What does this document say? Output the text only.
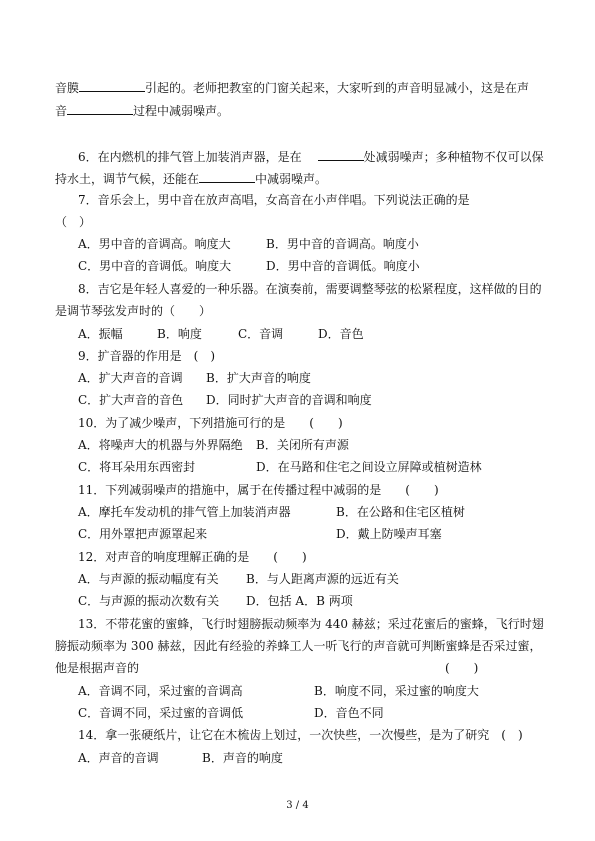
音膜	引起的。老师把教室的门窗关起来，大家听到的声音明显减小，这是在声
音	过程中减弱噪声。
6．在内燃机的排气管上加装消声器，是在	处减弱噪声；多种植物不仅可以保
持水土，调节气候，还能在	中减弱噪声。
7．音乐会上，男中音在放声高唱，女高音在小声伴唱。下列说法正确的是
（　）
A．男中音的音调高。响度大	B．男中音的音调高。响度小
C．男中音的音调低。响度大	D．男中音的音调低。响度小
8．吉它是年轻人喜爱的一种乐器。在演奏前，需要调整琴弦的松紧程度，这样做的目的
是调节琴弦发声时的（　　）
A．振幅	B．响度	C．音调	D．音色
9．扩音器的作用是　(　)
A．扩大声音的音调 B．扩大声音的响度
C．扩大声音的音色 D．同时扩大声音的音调和响度
10．为了减少噪声，下列措施可行的是　　(　　)
A．将噪声大的机器与外界隔绝 B．关闭所有声源
C．将耳朵用东西密封	D．在马路和住宅之间设立屏障或植树造林
11．下列减弱噪声的措施中，属于在传播过程中减弱的是　　(　　)
A．摩托车发动机的排气管上加装消声器	B．在公路和住宅区植树
C．用外罩把声源罩起来	D．戴上防噪声耳塞
12．对声音的响度理解正确的是　　(　　)
A．与声源的振动幅度有关 B．与人距离声源的远近有关
C．与声源的振动次数有关 D．包括 A．B 两项
13．不带花蜜的蜜蜂，飞行时翅膀振动频率为 440 赫兹；采过花蜜后的蜜蜂，飞行时翅
膀振动频率为 300 赫兹，因此有经验的养蜂工人一听飞行的声音就可判断蜜蜂是否采过蜜，
他是根据声音的	(　　)
A．音调不同，采过蜜的音调高	B．响度不同，采过蜜的响度大
C．音调不同，采过蜜的音调低	D．音色不同
14．拿一张硬纸片，让它在木梳齿上划过，一次快些，一次慢些，是为了研究　(　)
A．声音的音调	B．声音的响度
3 / 4
